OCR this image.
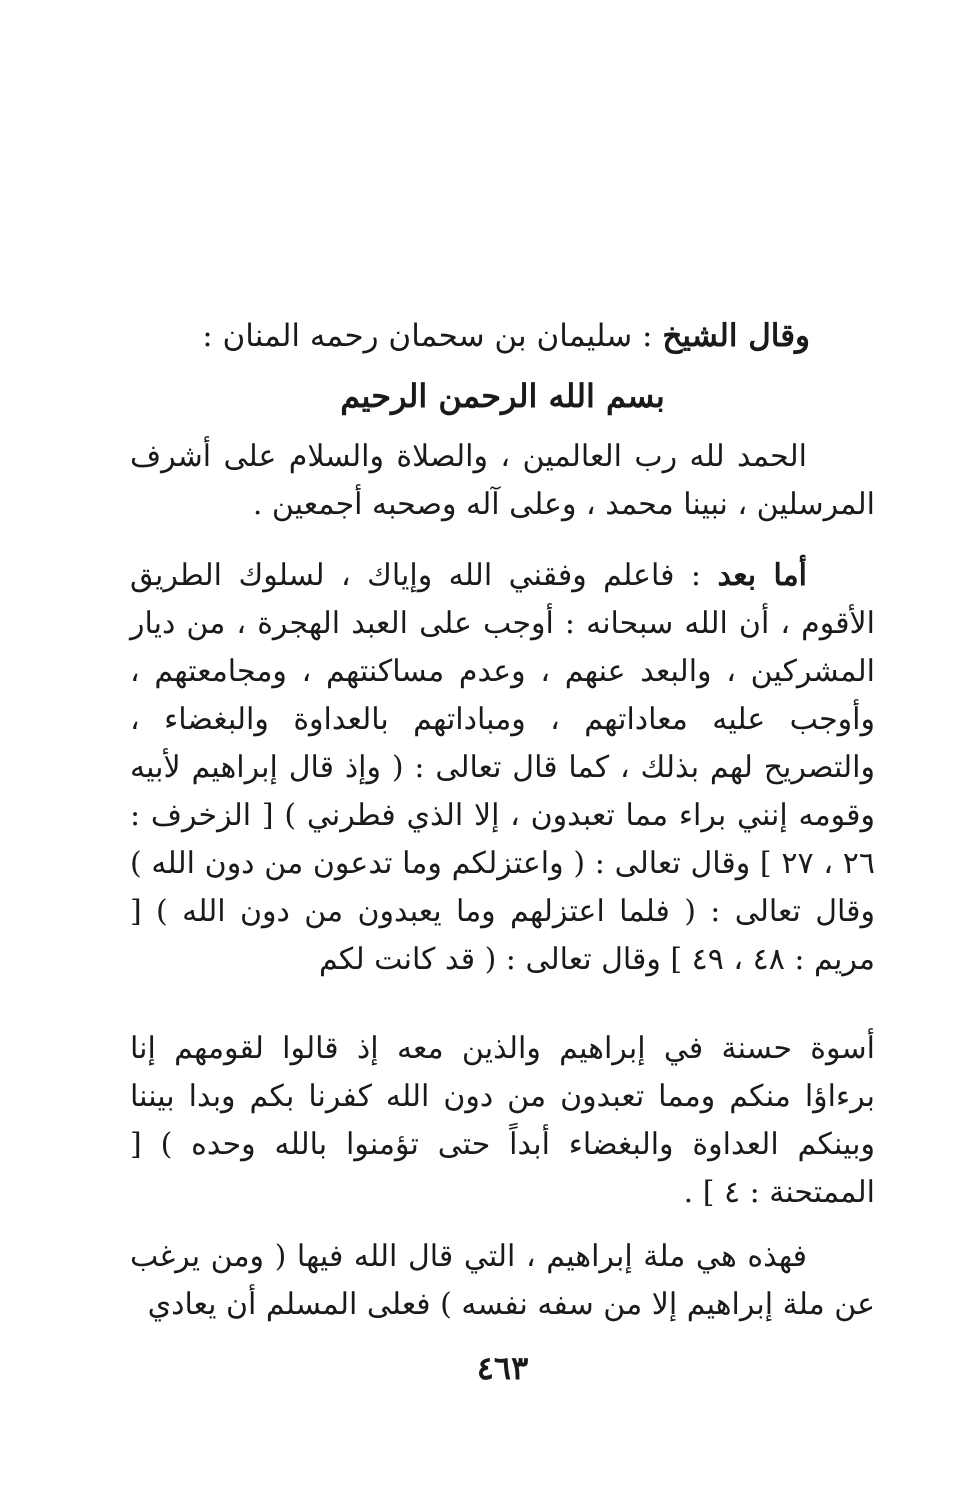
وقال الشيخ : سليمان بن سحمان رحمه المنان :
بسم الله الرحمن الرحيم

الحمد لله رب العالمين ، والصلاة والسلام على أشرف المرسلين ، نبينا محمد ، وعلى آله وصحبه أجمعين .

أما بعد : فاعلم وفقني الله وإياك ، لسلوك الطريق الأقوم ، أن الله سبحانه : أوجب على العبد الهجرة ، من ديار المشركين ، والبعد عنهم ، وعدم مساكنتهم ، ومجامعتهم ، وأوجب عليه معاداتهم ، ومباداتهم بالعداوة والبغضاء ، والتصريح لهم بذلك ، كما قال تعالى : ( وإذ قال إبراهيم لأبيه وقومه إنني براء مما تعبدون ، إلا الذي فطرني ) [ الزخرف : ٢٦ ، ٢٧ ] وقال تعالى : ( واعتزلكم وما تدعون من دون الله ) وقال تعالى : ( فلما اعتزلهم وما يعبدون من دون الله ) [ مريم : ٤٨ ، ٤٩ ] وقال تعالى : ( قد كانت لكم

أسوة حسنة في إبراهيم والذين معه إذ قالوا لقومهم إنا برءاؤا منكم ومما تعبدون من دون الله كفرنا بكم وبدا بيننا وبينكم العداوة والبغضاء أبداً حتى تؤمنوا بالله وحده ) [ الممتحنة : ٤ ] .

فهذه هي ملة إبراهيم ، التي قال الله فيها ( ومن يرغب عن ملة إبراهيم إلا من سفه نفسه ) فعلى المسلم أن يعادي

٤٦٣
